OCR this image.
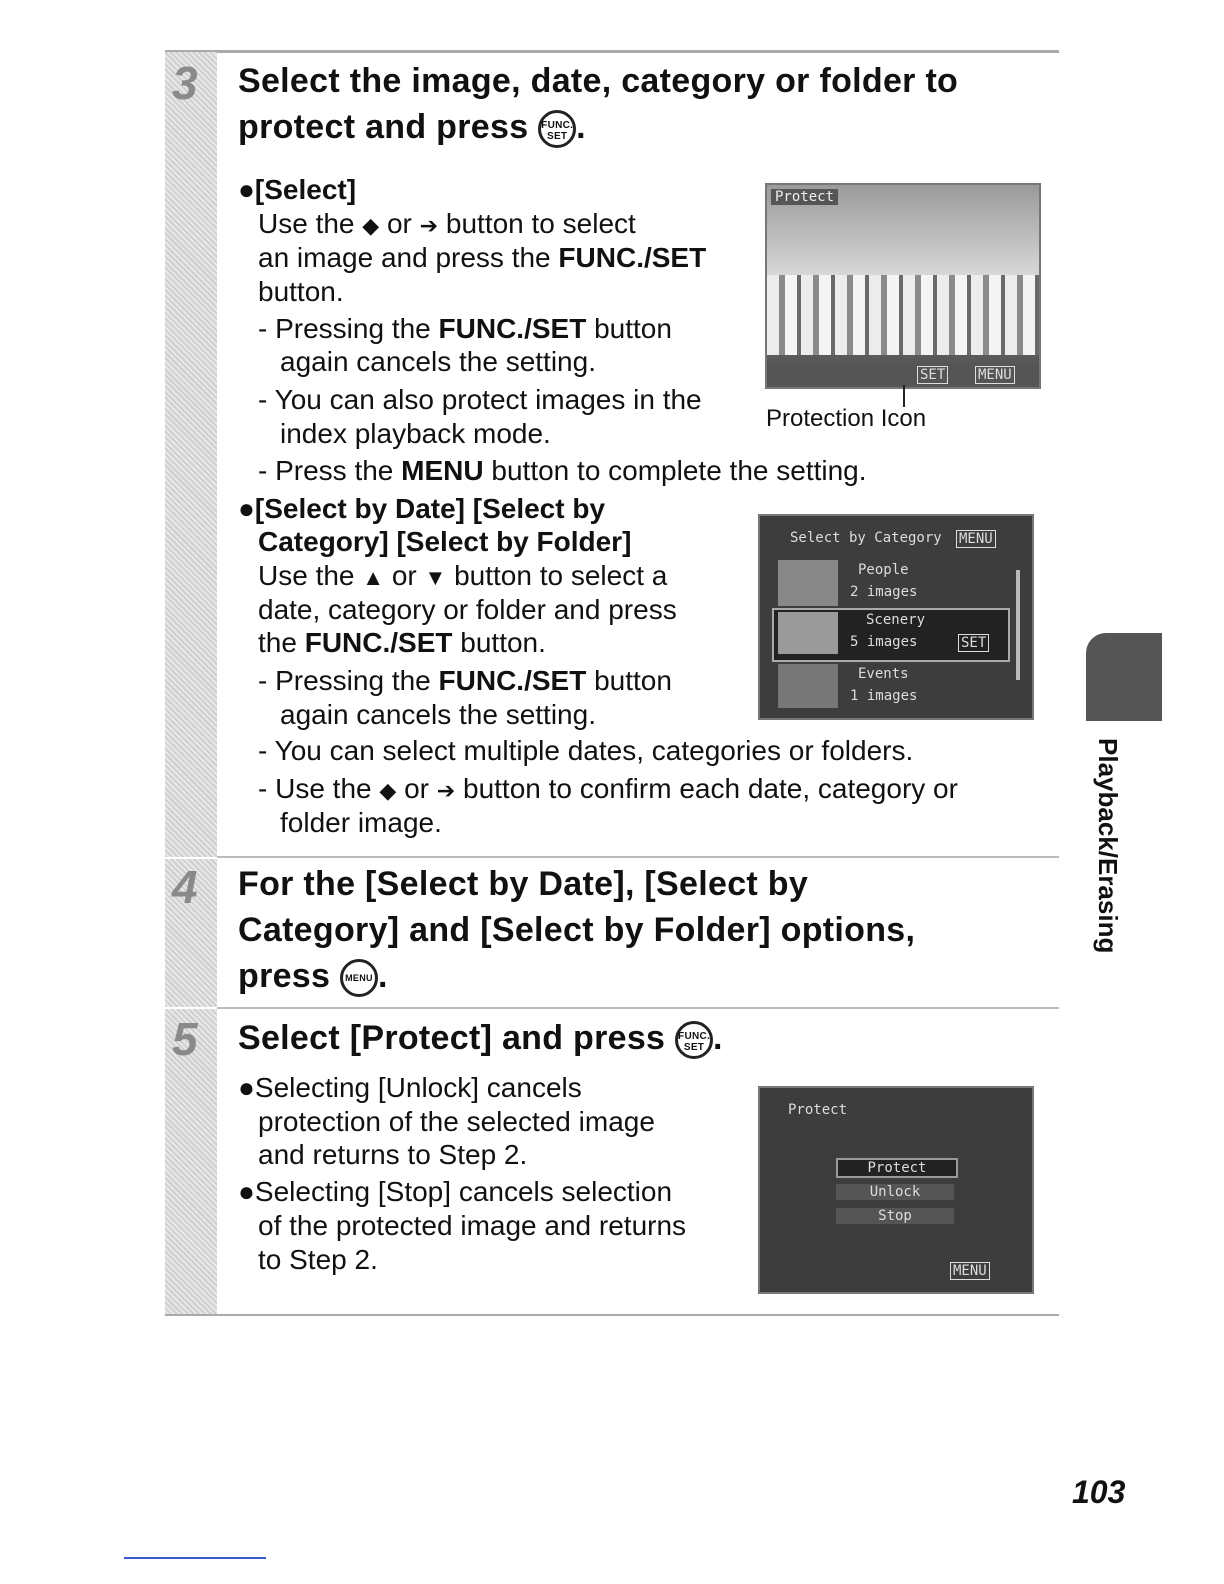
3 Select the image, date, category or folder to
protect and press FUNC. SET .
●[Select]
Use the ◆ or ➔ button to select
an image and press the FUNC./SET
button.
- Pressing the FUNC./SET button
again cancels the setting.
- You can also protect images in the
index playback mode.
- Press the MENU button to complete the setting.
Protect
SET MENU
Protection Icon
●[Select by Date] [Select by
Category] [Select by Folder]
Use the ▲ or ▼ button to select a
date, category or folder and press
the FUNC./SET button.
- Pressing the FUNC./SET button
again cancels the setting.
- You can select multiple dates, categories or folders.
- Use the ◆ or ➔ button to confirm each date, category or
folder image.
Select by Category MENU
People
2 images
Scenery
5 images	SET
Events
1 images
4 For the [Select by Date], [Select by
Category] and [Select by Folder] options,
press MENU .
5 Select [Protect] and press FUNC. SET .
●Selecting [Unlock] cancels
protection of the selected image
and returns to Step 2.
●Selecting [Stop] cancels selection
of the protected image and returns
to Step 2.
Protect
Protect
Unlock
Stop
MENU
Playback/Erasing
103
